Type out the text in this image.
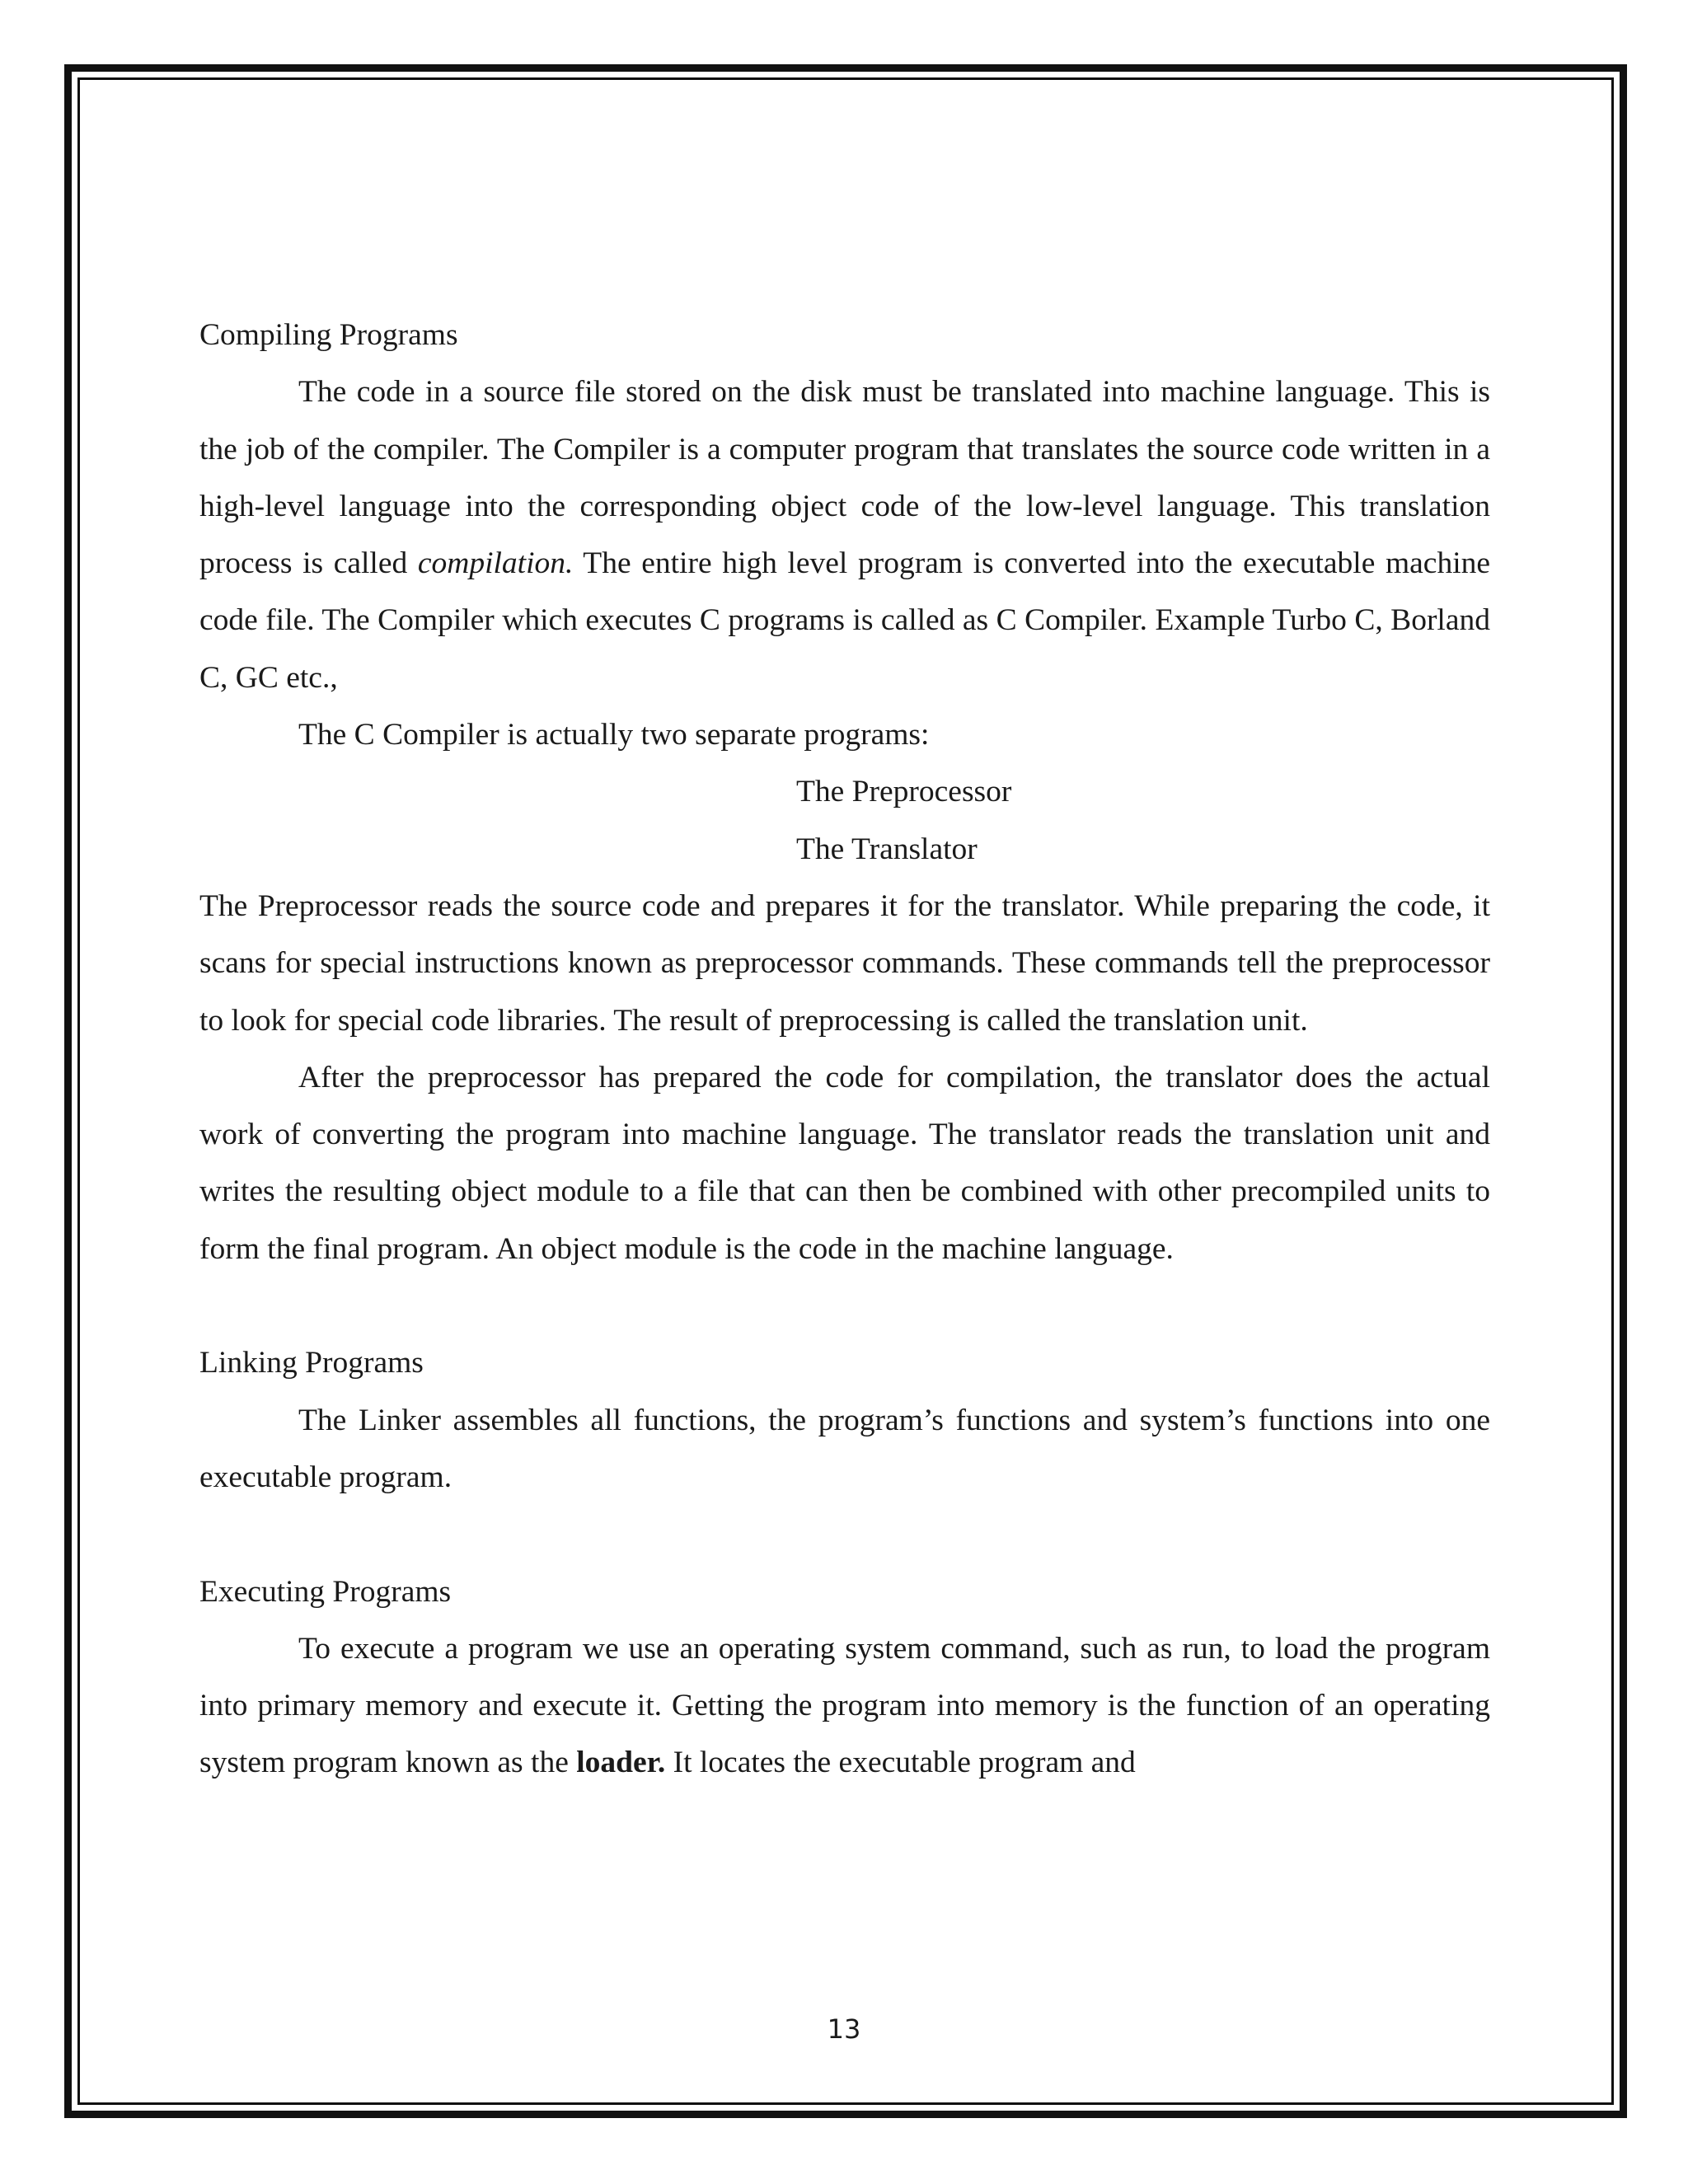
Compiling Programs

The code in a source file stored on the disk must be translated into machine language. This is the job of the compiler. The Compiler is a computer program that translates the source code written in a high-level language into the corresponding object code of the low-level language. This translation process is called compilation. The entire high level program is converted into the executable machine code file. The Compiler which executes C programs is called as C Compiler. Example Turbo C, Borland C, GC etc.,

The C Compiler is actually two separate programs:

The Preprocessor

The Translator

The Preprocessor reads the source code and prepares it for the translator. While preparing the code, it scans for special instructions known as preprocessor commands. These commands tell the preprocessor to look for special code libraries. The result of preprocessing is called the translation unit.

After the preprocessor has prepared the code for compilation, the translator does the actual work of converting the program into machine language. The translator reads the translation unit and writes the resulting object module to a file that can then be combined with other precompiled units to form the final program. An object module is the code in the machine language.

Linking Programs

The Linker assembles all functions, the program’s functions and system’s functions into one executable program.

Executing Programs

To execute a program we use an operating system command, such as run, to load the program into primary memory and execute it. Getting the program into memory is the function of an operating system program known as the loader. It locates the executable program and

13
